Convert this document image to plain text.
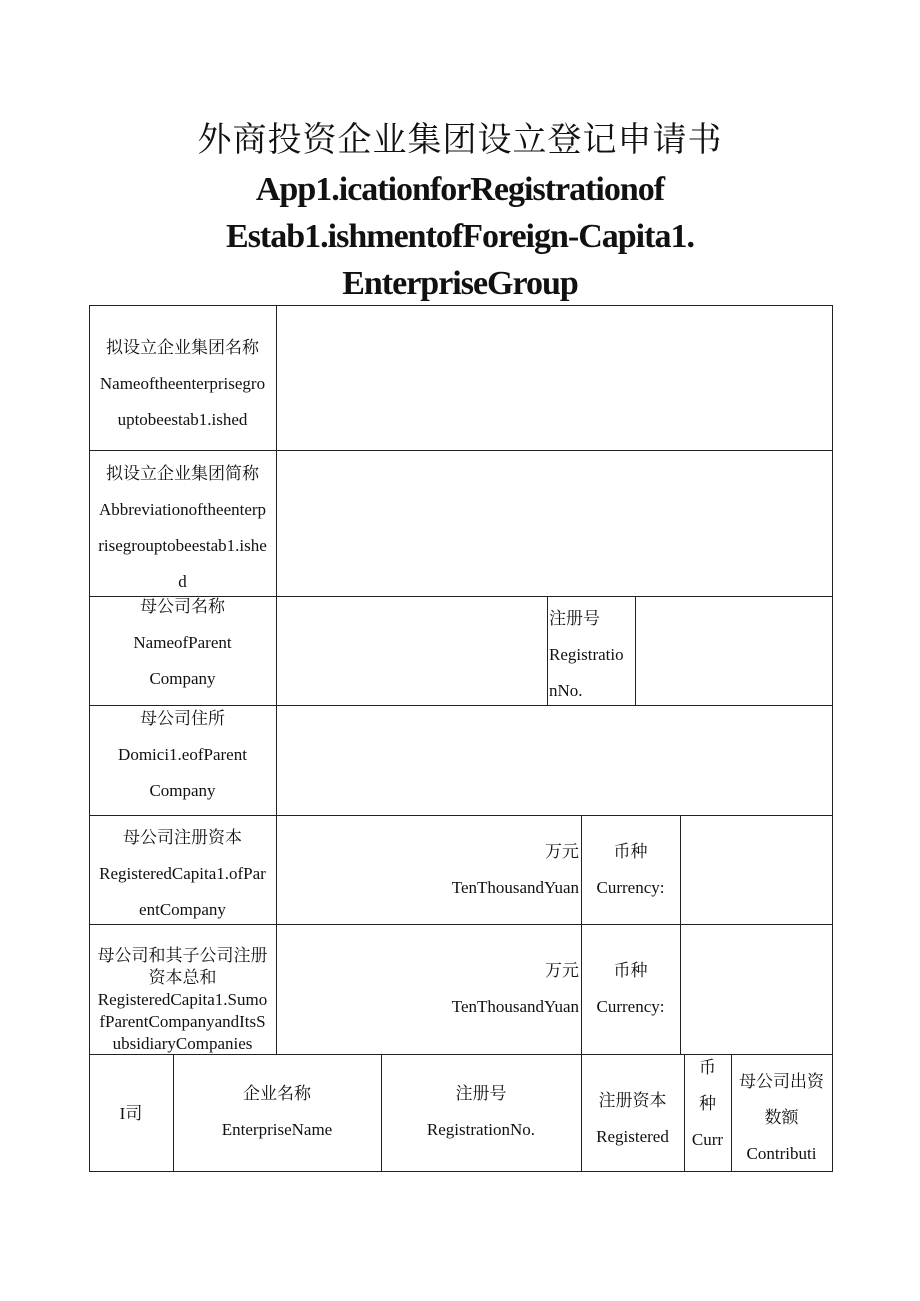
外商投资企业集团设立登记申请书
App1.icationforRegistrationof
Estab1.ishmentofForeign-Capita1.
EnterpriseGroup
拟设立企业集团名称
Nameoftheenterprisegro
uptobeestab1.ished
拟设立企业集团简称
Abbreviationoftheenterp
risegrouptobeestab1.ishe
d
母公司名称
NameofParent
Company
注册号
Registratio
nNo.
母公司住所
Domici1.eofParent
Company
母公司注册资本
RegisteredCapita1.ofPar
entCompany
万元
TenThousandYuan
币种
Currency:
母公司和其子公司注册
资本总和
RegisteredCapita1.Sumo
fParentCompanyandItsS
ubsidiaryCompanies
万元
TenThousandYuan
币种
Currency:
I司
企业名称
EnterpriseName
注册号
RegistrationNo.
注册资本
Registered
币
种
Curr
母公司出资
数额
Contributi
